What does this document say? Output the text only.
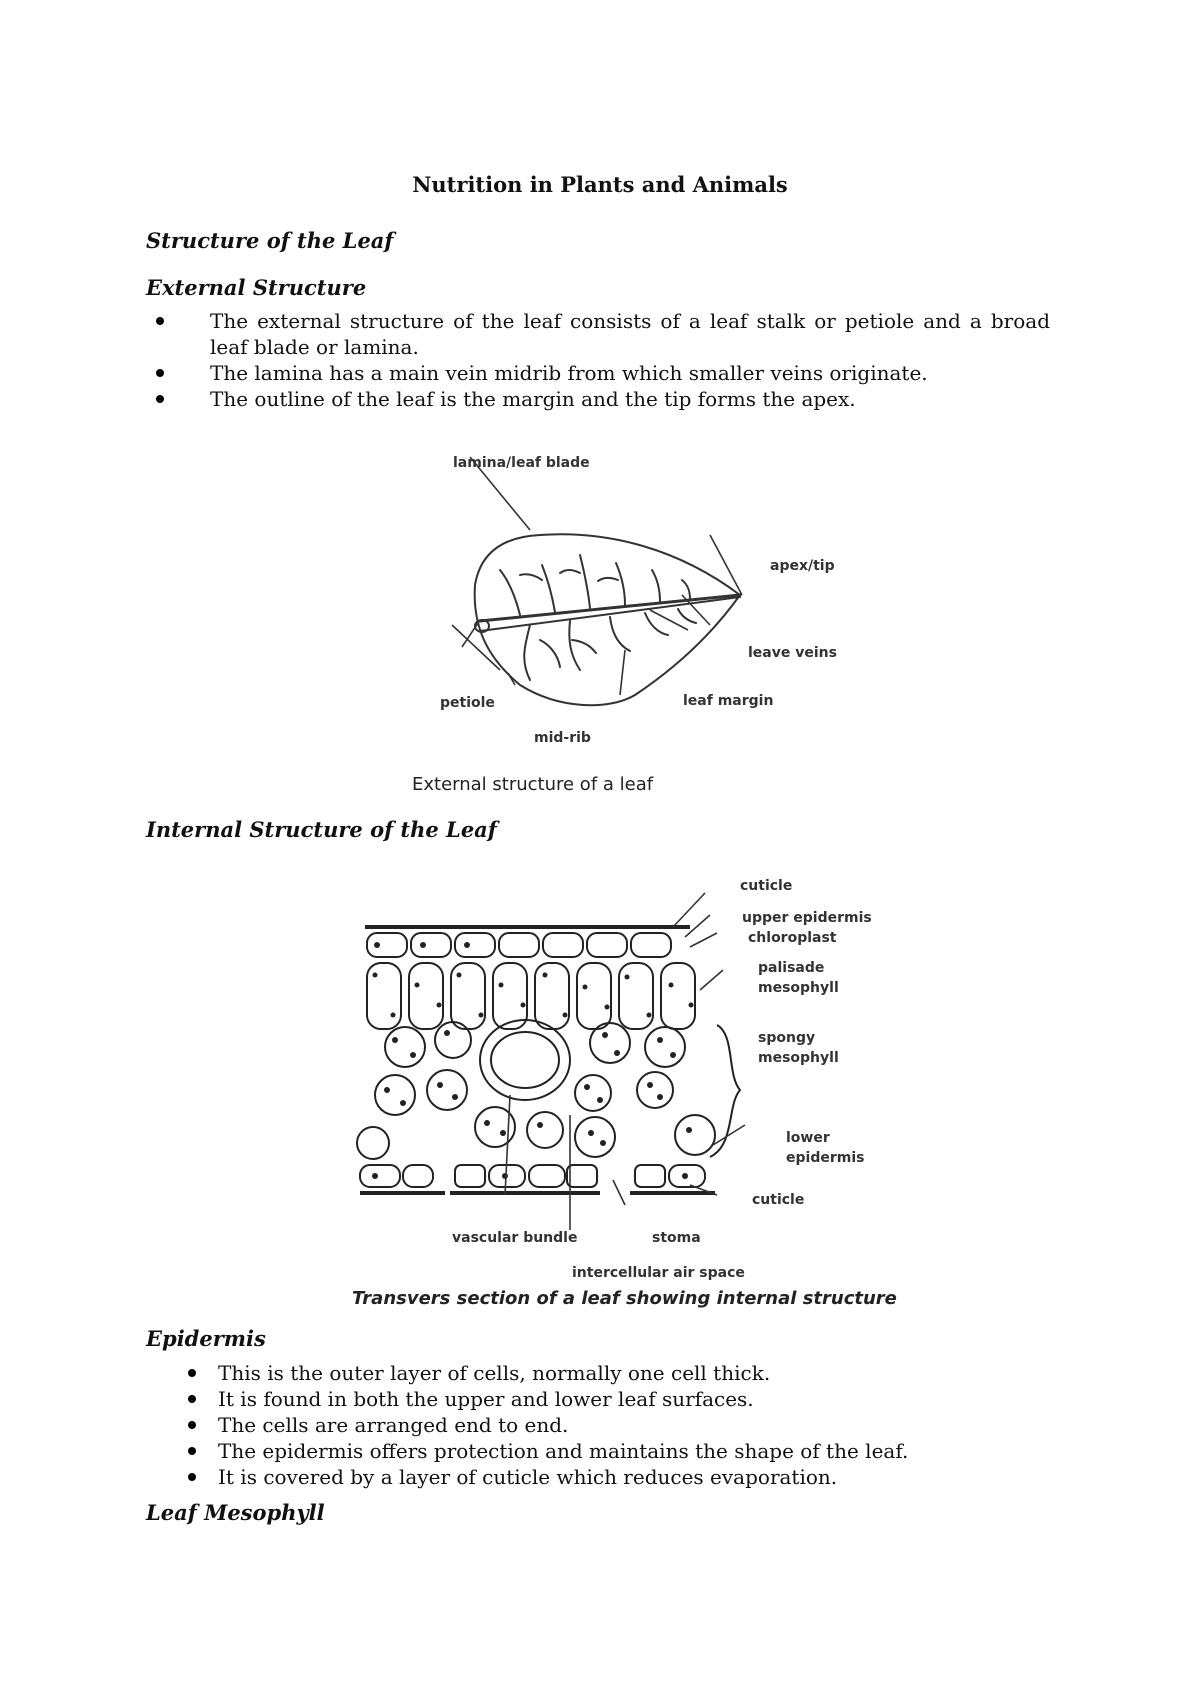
Nutrition in Plants and Animals
Structure of the Leaf
External Structure
The external structure of the leaf consists of a leaf stalk or petiole and a broad leaf blade or lamina.
The lamina has a main vein midrib from which smaller veins originate.
The outline of the leaf is the margin and the tip forms the apex.
lamina/leaf blade
apex/tip
leave veins
petiole	leaf margin
mid-rib
External structure of a leaf
Internal Structure of the Leaf
cuticle
upper epidermis
chloroplast
palisade
mesophyll
spongy
mesophyll
lower
epidermis
cuticle
vascular bundle	stoma
intercellular air space
Transvers section of a leaf showing internal structure
Epidermis
This is the outer layer of cells, normally one cell thick.
It is found in both the upper and lower leaf surfaces.
The cells are arranged end to end.
The epidermis offers protection and maintains the shape of the leaf.
It is covered by a layer of cuticle which reduces evaporation.
Leaf Mesophyll
